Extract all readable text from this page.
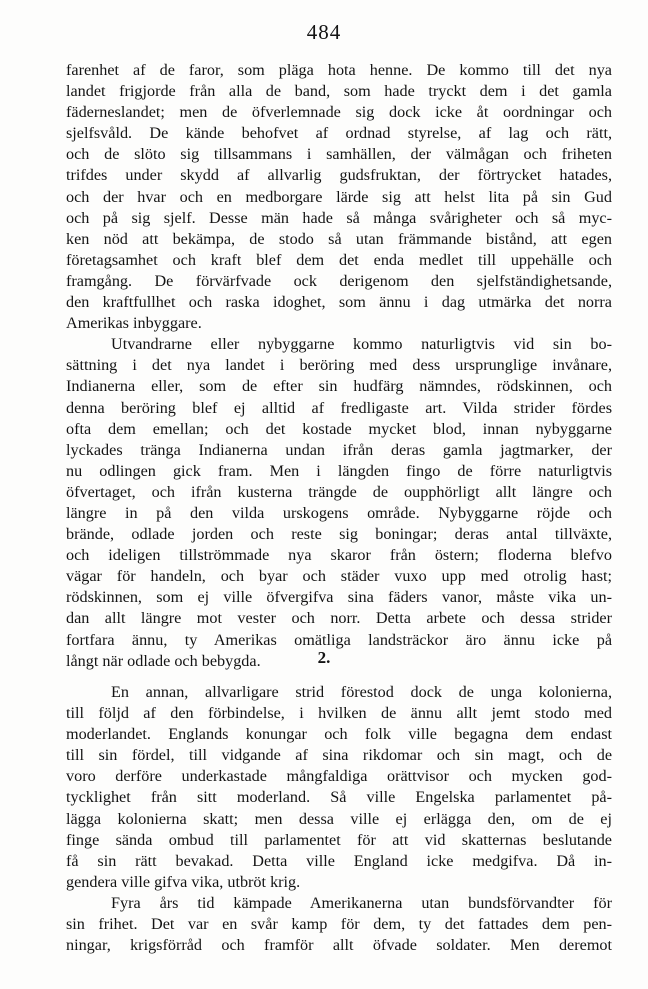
484
farenhet af de faror, som pläga hota henne. De kommo till det nya
landet frigjorde från alla de band, som hade tryckt dem i det gamla
fäderneslandet; men de öfverlemnade sig dock icke åt oordningar och
sjelfsvåld. De kände behofvet af ordnad styrelse, af lag och rätt,
och de slöto sig tillsammans i samhällen, der välmågan och friheten
trifdes under skydd af allvarlig gudsfruktan, der förtrycket hatades,
och der hvar och en medborgare lärde sig att helst lita på sin Gud
och på sig sjelf. Desse män hade så många svårigheter och så myc-
ken nöd att bekämpa, de stodo så utan främmande bistånd, att egen
företagsamhet och kraft blef dem det enda medlet till uppehälle och
framgång. De förvärfvade ock derigenom den sjelfständighetsande,
den kraftfullhet och raska idoghet, som ännu i dag utmärka det norra
Amerikas inbyggare.
Utvandrarne eller nybyggarne kommo naturligtvis vid sin bo-
sättning i det nya landet i beröring med dess ursprunglige invånare,
Indianerna eller, som de efter sin hudfärg nämndes, rödskinnen, och
denna beröring blef ej alltid af fredligaste art. Vilda strider fördes
ofta dem emellan; och det kostade mycket blod, innan nybyggarne
lyckades tränga Indianerna undan ifrån deras gamla jagtmarker, der
nu odlingen gick fram. Men i längden fingo de förre naturligtvis
öfvertaget, och ifrån kusterna trängde de oupphörligt allt längre och
längre in på den vilda urskogens område. Nybyggarne röjde och
brände, odlade jorden och reste sig boningar; deras antal tillväxte,
och ideligen tillströmmade nya skaror från östern; floderna blefvo
vägar för handeln, och byar och städer vuxo upp med otrolig hast;
rödskinnen, som ej ville öfvergifva sina fäders vanor, måste vika un-
dan allt längre mot vester och norr. Detta arbete och dessa strider
fortfara ännu, ty Amerikas omätliga landsträckor äro ännu icke på
långt när odlade och bebygda.	2.
En annan, allvarligare strid förestod dock de unga kolonierna,
till följd af den förbindelse, i hvilken de ännu allt jemt stodo med
moderlandet. Englands konungar och folk ville begagna dem endast
till sin fördel, till vidgande af sina rikdomar och sin magt, och de
voro derföre underkastade mångfaldiga orättvisor och mycken god-
tycklighet från sitt moderland. Så ville Engelska parlamentet på-
lägga kolonierna skatt; men dessa ville ej erlägga den, om de ej
finge sända ombud till parlamentet för att vid skatternas beslutande
få sin rätt bevakad. Detta ville England icke medgifva. Då in-
gendera ville gifva vika, utbröt krig.
Fyra års tid kämpade Amerikanerna utan bundsförvandter för
sin frihet. Det var en svår kamp för dem, ty det fattades dem pen-
ningar, krigsförråd och framför allt öfvade soldater. Men deremot
